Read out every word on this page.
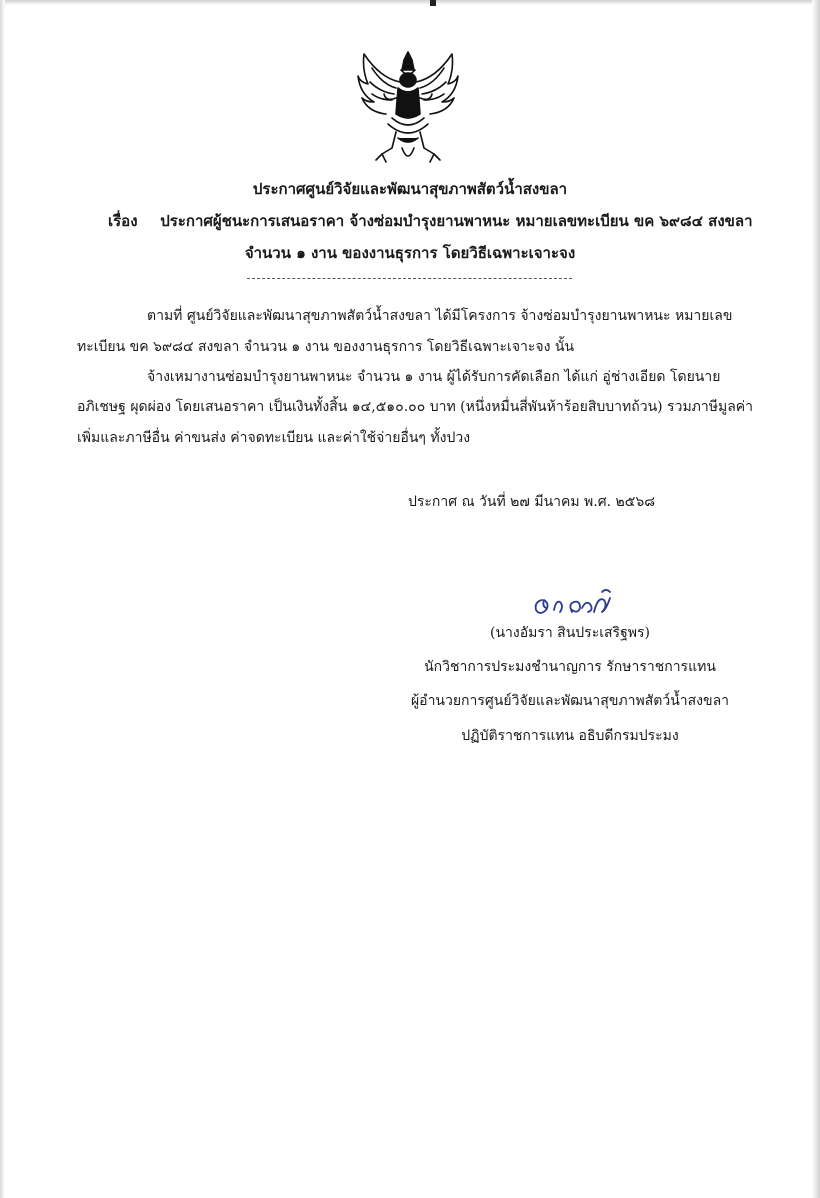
ประกาศศูนย์วิจัยและพัฒนาสุขภาพสัตว์น้ำสงขลา
เรื่อง ประกาศผู้ชนะการเสนอราคา จ้างซ่อมบำรุงยานพาหนะ หมายเลขทะเบียน ขค ๖๙๘๔ สงขลา
จำนวน ๑ งาน ของงานธุรการ โดยวิธีเฉพาะเจาะจง
ตามที่ ศูนย์วิจัยและพัฒนาสุขภาพสัตว์น้ำสงขลา ได้มีโครงการ จ้างซ่อมบำรุงยานพาหนะ หมายเลข
ทะเบียน ขค ๖๙๘๔ สงขลา จำนวน ๑ งาน ของงานธุรการ โดยวิธีเฉพาะเจาะจง นั้น
จ้างเหมางานซ่อมบำรุงยานพาหนะ จำนวน ๑ งาน ผู้ได้รับการคัดเลือก ได้แก่ อู่ช่างเอียด โดยนาย
อภิเชษฐ ผุดผ่อง โดยเสนอราคา เป็นเงินทั้งสิ้น ๑๔,๕๑๐.๐๐ บาท (หนึ่งหมื่นสี่พันห้าร้อยสิบบาทถ้วน) รวมภาษีมูลค่า
เพิ่มและภาษีอื่น ค่าขนส่ง ค่าจดทะเบียน และค่าใช้จ่ายอื่นๆ ทั้งปวง
ประกาศ ณ วันที่ ๒๗ มีนาคม พ.ศ. ๒๕๖๘
(นางอัมรา สินประเสริฐพร)
นักวิชาการประมงชำนาญการ รักษาราชการแทน
ผู้อำนวยการศูนย์วิจัยและพัฒนาสุขภาพสัตว์น้ำสงขลา
ปฏิบัติราชการแทน อธิบดีกรมประมง
